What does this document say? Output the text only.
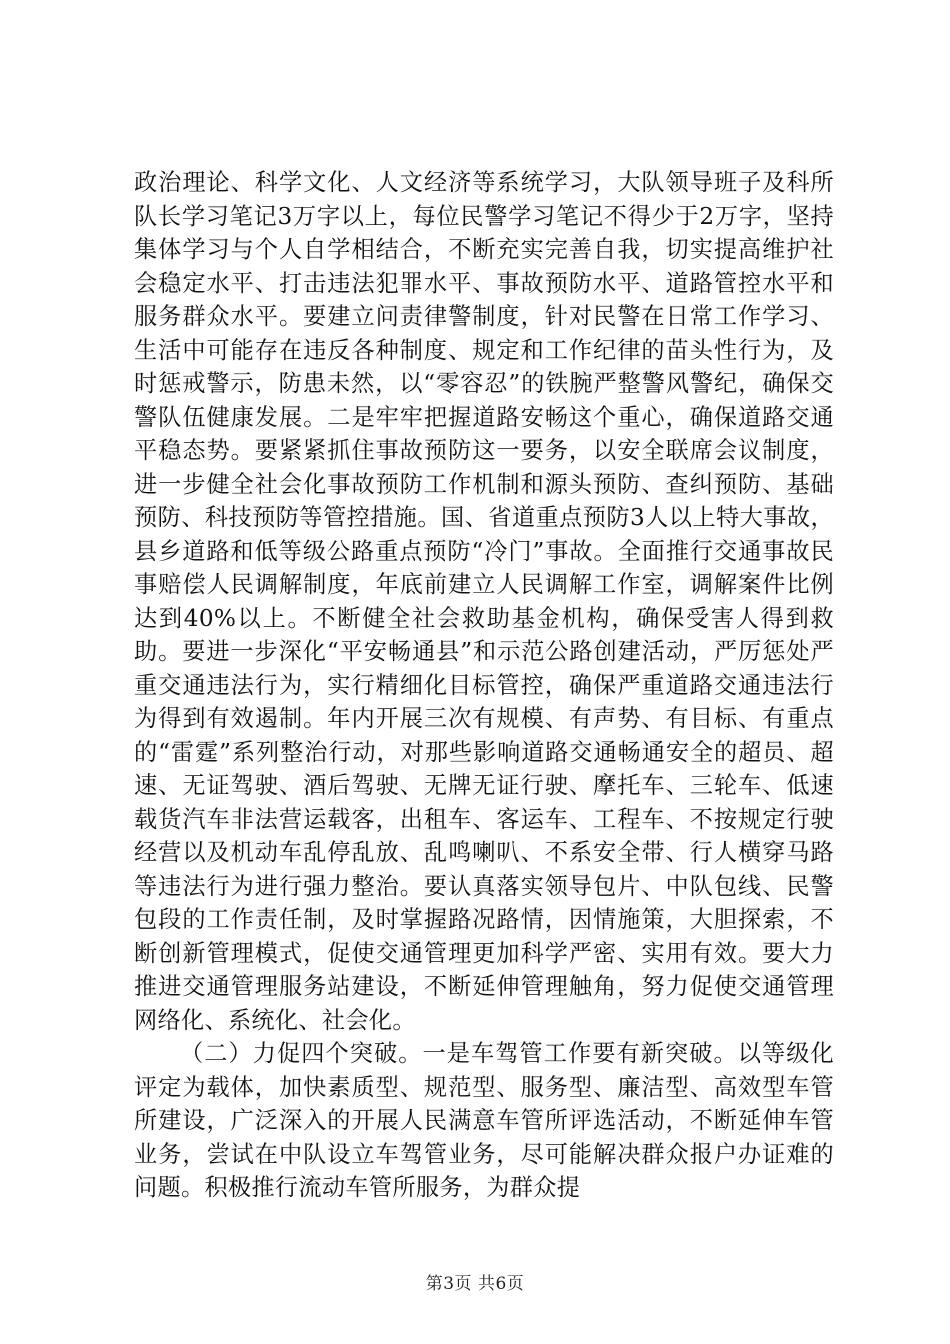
政治理论、科学文化、人文经济等系统学习，大队领导班子及科所队长学习笔记3万字以上，每位民警学习笔记不得少于2万字，坚持集体学习与个人自学相结合，不断充实完善自我，切实提高维护社会稳定水平、打击违法犯罪水平、事故预防水平、道路管控水平和服务群众水平。要建立问责律警制度，针对民警在日常工作学习、生活中可能存在违反各种制度、规定和工作纪律的苗头性行为，及时惩戒警示，防患未然，以“零容忍”的铁腕严整警风警纪，确保交警队伍健康发展。二是牢牢把握道路安畅这个重心，确保道路交通平稳态势。要紧紧抓住事故预防这一要务，以安全联席会议制度，进一步健全社会化事故预防工作机制和源头预防、查纠预防、基础预防、科技预防等管控措施。国、省道重点预防3人以上特大事故，县乡道路和低等级公路重点预防“冷门”事故。全面推行交通事故民事赔偿人民调解制度，年底前建立人民调解工作室，调解案件比例达到40%以上。不断健全社会救助基金机构，确保受害人得到救助。要进一步深化“平安畅通县”和示范公路创建活动，严厉惩处严重交通违法行为，实行精细化目标管控，确保严重道路交通违法行为得到有效遏制。年内开展三次有规模、有声势、有目标、有重点的“雷霆”系列整治行动，对那些影响道路交通畅通安全的超员、超速、无证驾驶、酒后驾驶、无牌无证行驶、摩托车、三轮车、低速载货汽车非法营运载客，出租车、客运车、工程车、不按规定行驶经营以及机动车乱停乱放、乱鸣喇叭、不系安全带、行人横穿马路等违法行为进行强力整治。要认真落实领导包片、中队包线、民警包段的工作责任制，及时掌握路况路情，因情施策，大胆探索，不断创新管理模式，促使交通管理更加科学严密、实用有效。要大力推进交通管理服务站建设，不断延伸管理触角，努力促使交通管理网络化、系统化、社会化。

（二）力促四个突破。一是车驾管工作要有新突破。以等级化评定为载体，加快素质型、规范型、服务型、廉洁型、高效型车管所建设，广泛深入的开展人民满意车管所评选活动，不断延伸车管业务，尝试在中队设立车驾管业务，尽可能解决群众报户办证难的问题。积极推行流动车管所服务，为群众提

第3页 共6页
